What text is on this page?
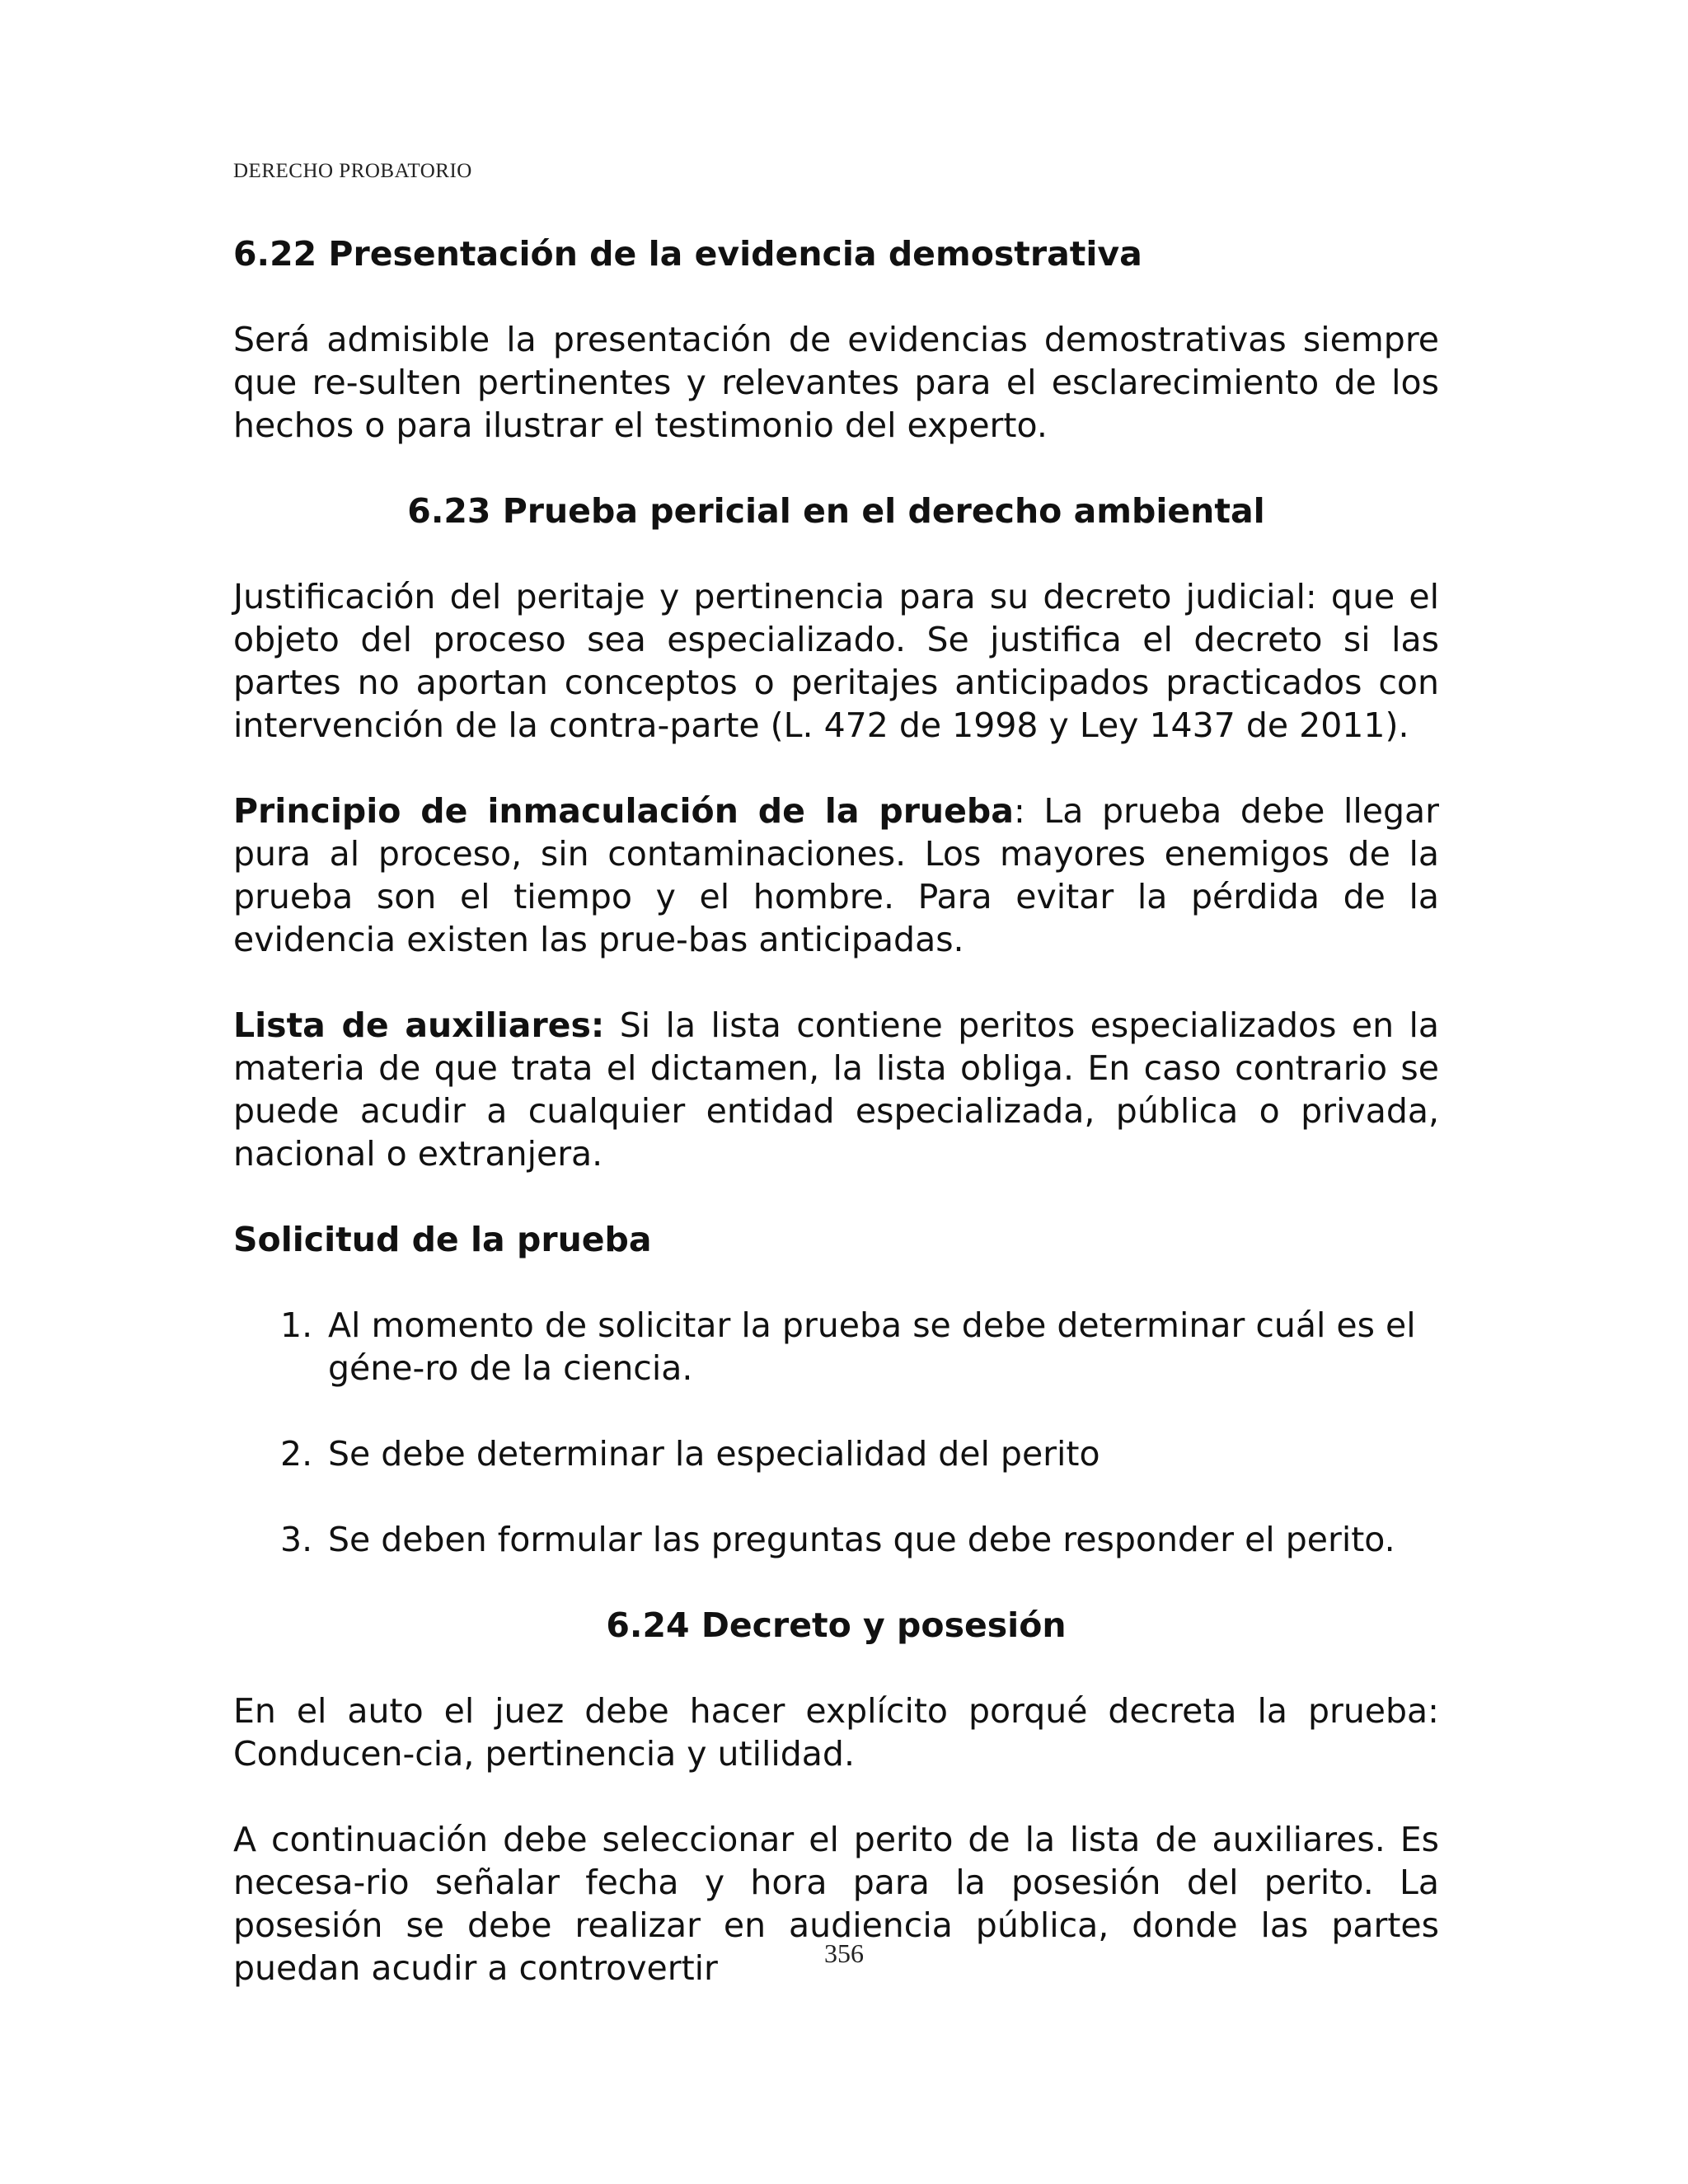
DERECHO PROBATORIO
6.22 Presentación de la evidencia demostrativa

Será admisible la presentación de evidencias demostrativas siempre que re-sulten pertinentes y relevantes para el esclarecimiento de los hechos o para ilustrar el testimonio del experto.

6.23 Prueba pericial en el derecho ambiental

Justificación del peritaje y pertinencia para su decreto judicial: que el objeto del proceso sea especializado. Se justifica el decreto si las partes no aportan conceptos o peritajes anticipados practicados con intervención de la contra-parte (L. 472 de 1998 y Ley 1437 de 2011).

Principio de inmaculación de la prueba: La prueba debe llegar pura al proceso, sin contaminaciones. Los mayores enemigos de la prueba son el tiempo y el hombre. Para evitar la pérdida de la evidencia existen las prue-bas anticipadas.

Lista de auxiliares: Si la lista contiene peritos especializados en la materia de que trata el dictamen, la lista obliga. En caso contrario se puede acudir a cualquier entidad especializada, pública o privada, nacional o extranjera.

Solicitud de la prueba
1. Al momento de solicitar la prueba se debe determinar cuál es el géne-ro de la ciencia.
2. Se debe determinar la especialidad del perito
3. Se deben formular las preguntas que debe responder el perito.
6.24 Decreto y posesión

En el auto el juez debe hacer explícito porqué decreta la prueba: Conducen-cia, pertinencia y utilidad.

A continuación debe seleccionar el perito de la lista de auxiliares. Es necesa-rio señalar fecha y hora para la posesión del perito. La posesión se debe realizar en audiencia pública, donde las partes puedan acudir a controvertir	356
